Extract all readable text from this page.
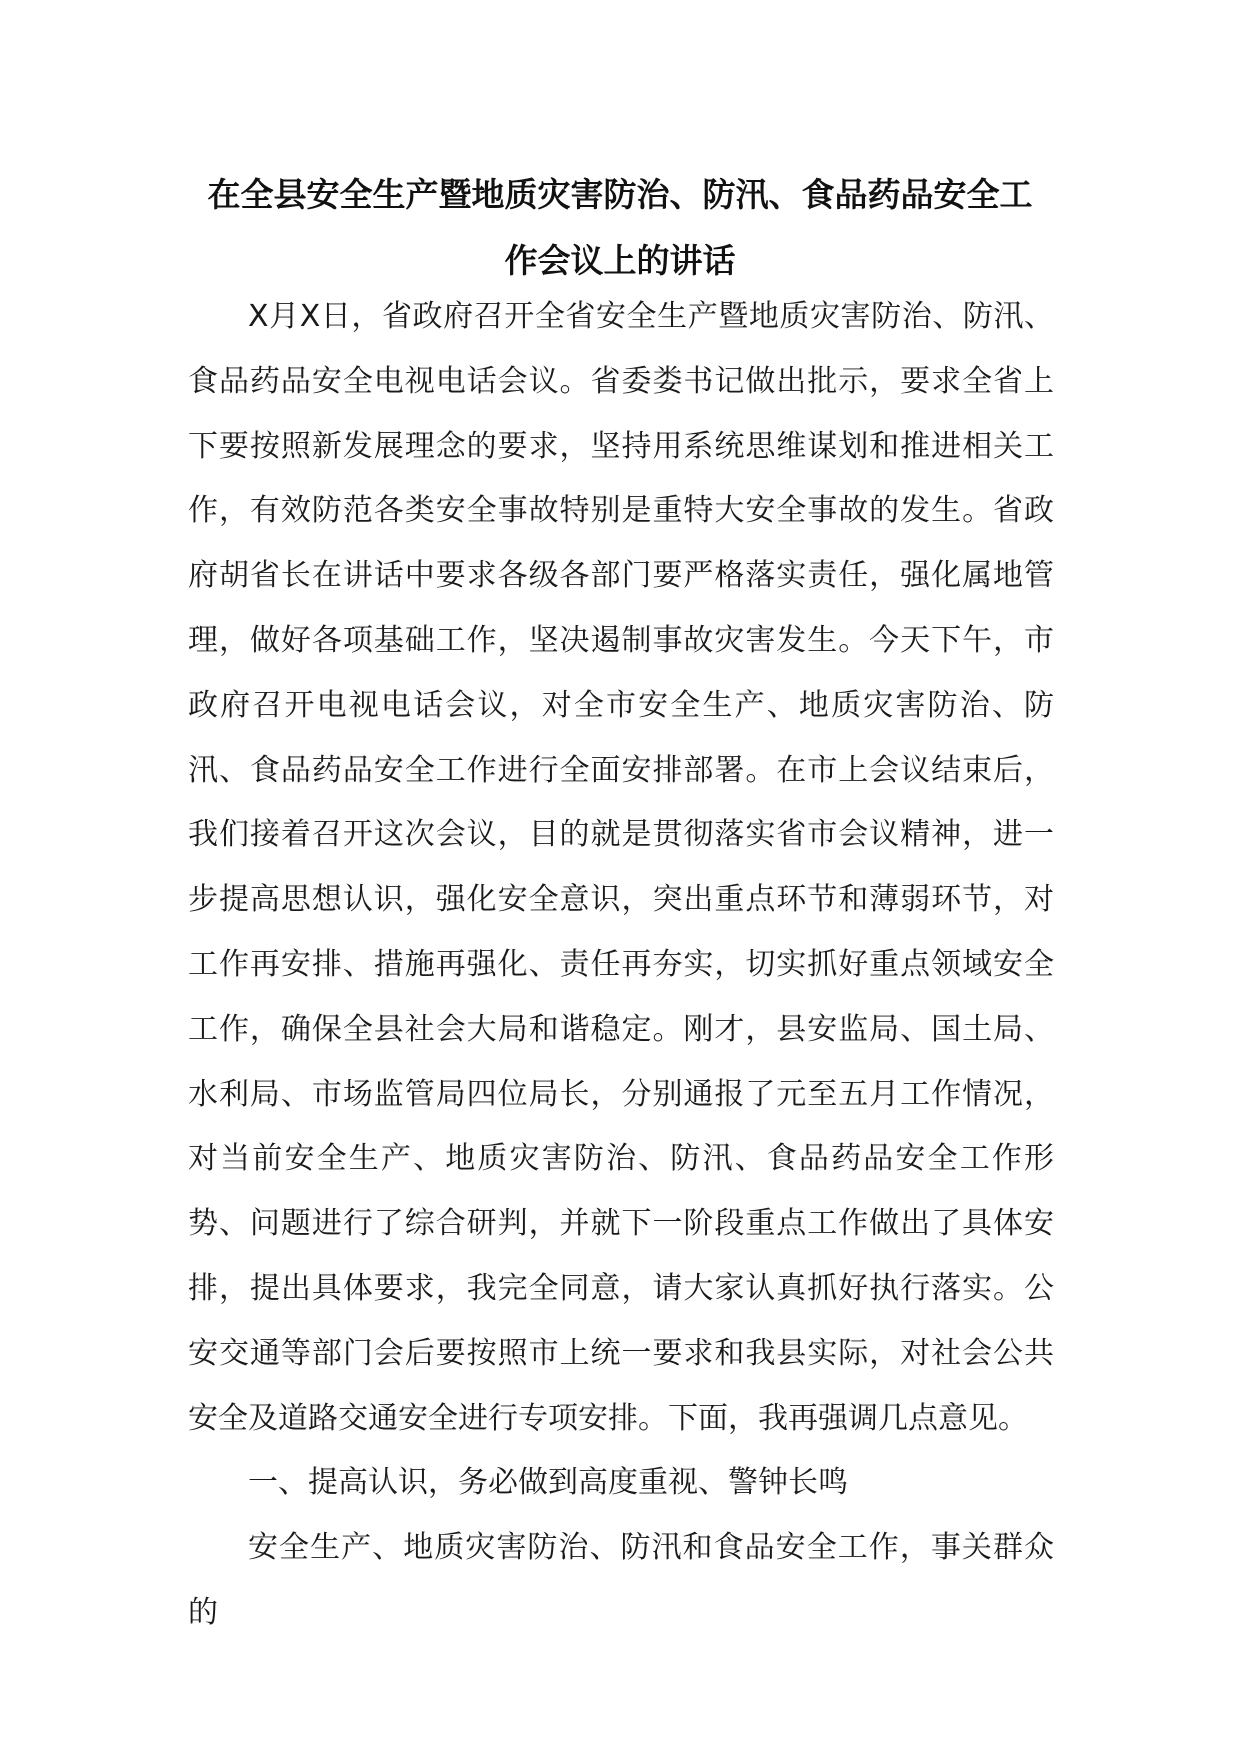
在全县安全生产暨地质灾害防治、防汛、食品药品安全工
作会议上的讲话

X月X日，省政府召开全省安全生产暨地质灾害防治、防汛、食品药品安全电视电话会议。省委娄书记做出批示，要求全省上下要按照新发展理念的要求，坚持用系统思维谋划和推进相关工作，有效防范各类安全事故特别是重特大安全事故的发生。省政府胡省长在讲话中要求各级各部门要严格落实责任，强化属地管理，做好各项基础工作，坚决遏制事故灾害发生。今天下午，市政府召开电视电话会议，对全市安全生产、地质灾害防治、防汛、食品药品安全工作进行全面安排部署。在市上会议结束后，我们接着召开这次会议，目的就是贯彻落实省市会议精神，进一步提高思想认识，强化安全意识，突出重点环节和薄弱环节，对工作再安排、措施再强化、责任再夯实，切实抓好重点领域安全工作，确保全县社会大局和谐稳定。刚才，县安监局、国土局、水利局、市场监管局四位局长，分别通报了元至五月工作情况，对当前安全生产、地质灾害防治、防汛、食品药品安全工作形势、问题进行了综合研判，并就下一阶段重点工作做出了具体安排，提出具体要求，我完全同意，请大家认真抓好执行落实。公安交通等部门会后要按照市上统一要求和我县实际，对社会公共安全及道路交通安全进行专项安排。下面，我再强调几点意见。

一、提高认识，务必做到高度重视、警钟长鸣

安全生产、地质灾害防治、防汛和食品安全工作，事关群众的
